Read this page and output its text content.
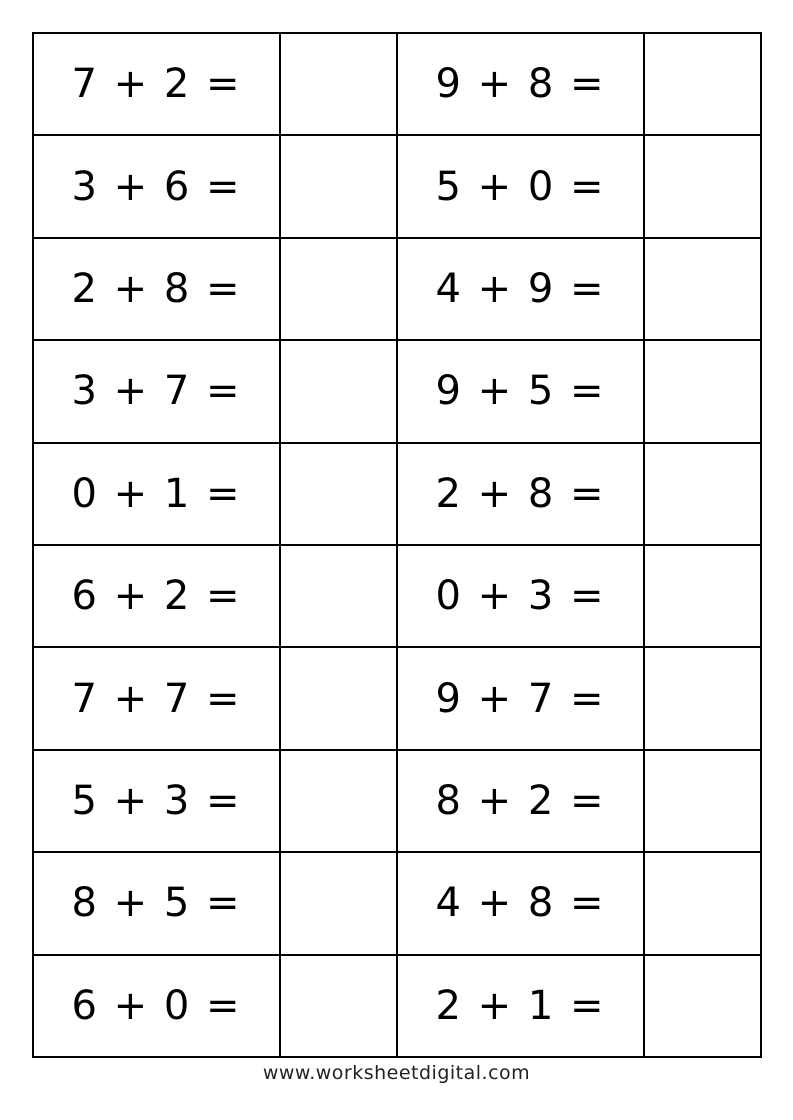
7 + 2 =		9 + 8 =	
3 + 6 =		5 + 0 =	
2 + 8 =		4 + 9 =	
3 + 7 =		9 + 5 =	
0 + 1 =		2 + 8 =	
6 + 2 =		0 + 3 =	
7 + 7 =		9 + 7 =	
5 + 3 =		8 + 2 =	
8 + 5 =		4 + 8 =	
6 + 0 =		2 + 1 =	
www.worksheetdigital.com
